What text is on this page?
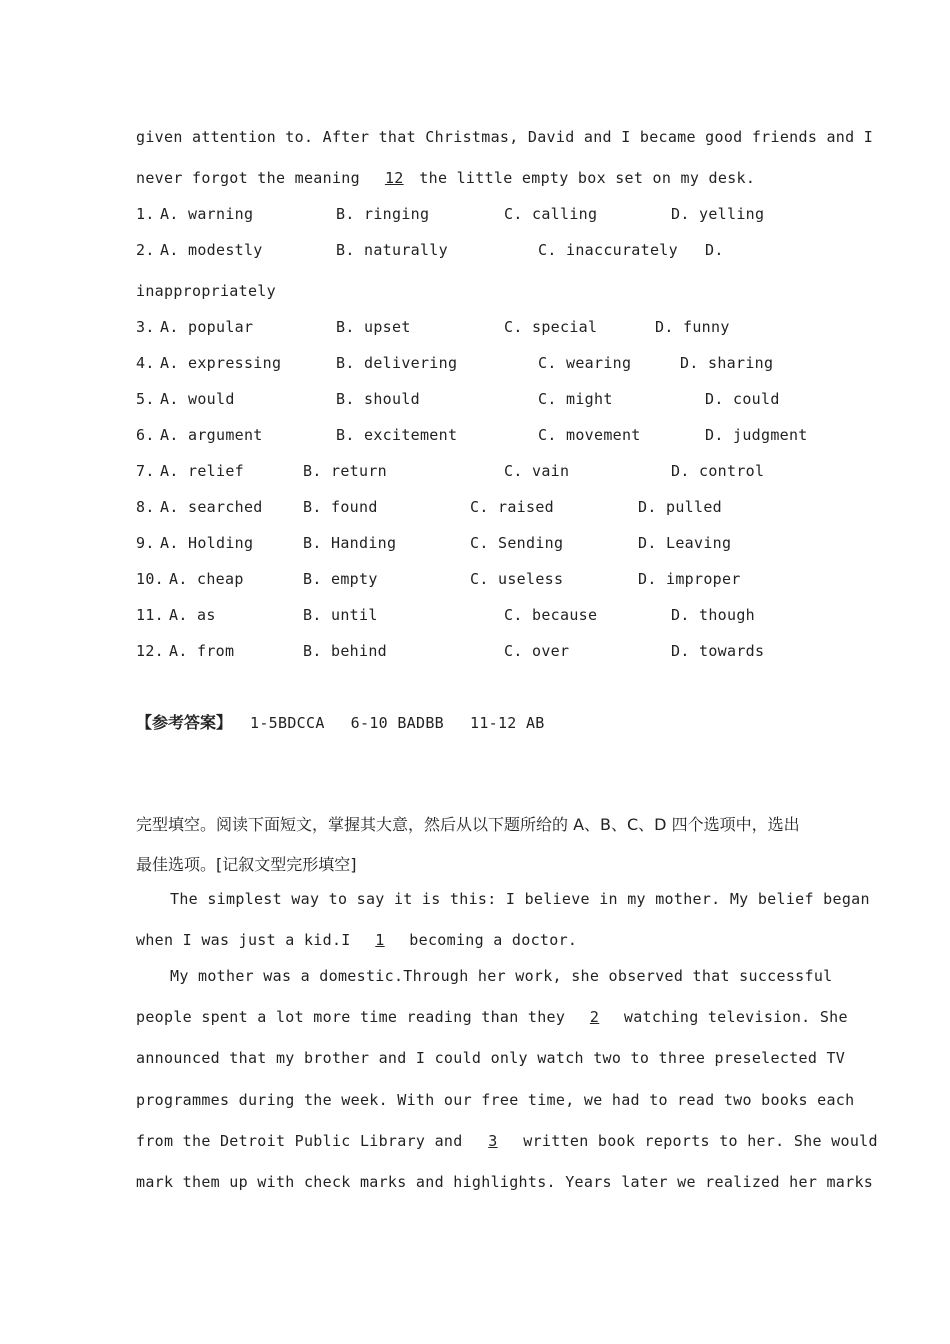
given attention to. After that Christmas, David and I became good friends and I
never forgot the meaning 12 the little empty box set on my desk.
1. A. warning	B. ringing	C. calling	D. yelling
2. A. modestly	B. naturally	C. inaccurately D.
inappropriately
3. A. popular	B. upset	C. special	D. funny
4. A. expressing	B. delivering	C. wearing	D. sharing
5. A. would	B. should	C. might	D. could
6. A. argument	B. excitement	C. movement	D. judgment
7. A. relief	B. return	C. vain	D. control
8. A. searched	B. found	C. raised	D. pulled
9. A. Holding	B. Handing	C. Sending	D. Leaving
10. A. cheap	B. empty	C. useless	D. improper
11. A. as	B. until	C. because	D. though
12. A. from	B. behind	C. over	D. towards
【参考答案】 1-5BDCCA 6-10 BADBB 11-12 AB
完型填空。阅读下面短文，掌握其大意，然后从以下题所给的 A、B、C、D 四个选项中，选出
最佳选项。[记叙文型完形填空]
The simplest way to say it is this: I believe in my mother. My belief began
when I was just a kid.I 1 becoming a doctor.
My mother was a domestic.Through her work, she observed that successful
people spent a lot more time reading than they 2 watching television. She
announced that my brother and I could only watch two to three preselected TV
programmes during the week. With our free time, we had to read two books each
from the Detroit Public Library and 3 written book reports to her. She would
mark them up with check marks and highlights. Years later we realized her marks
